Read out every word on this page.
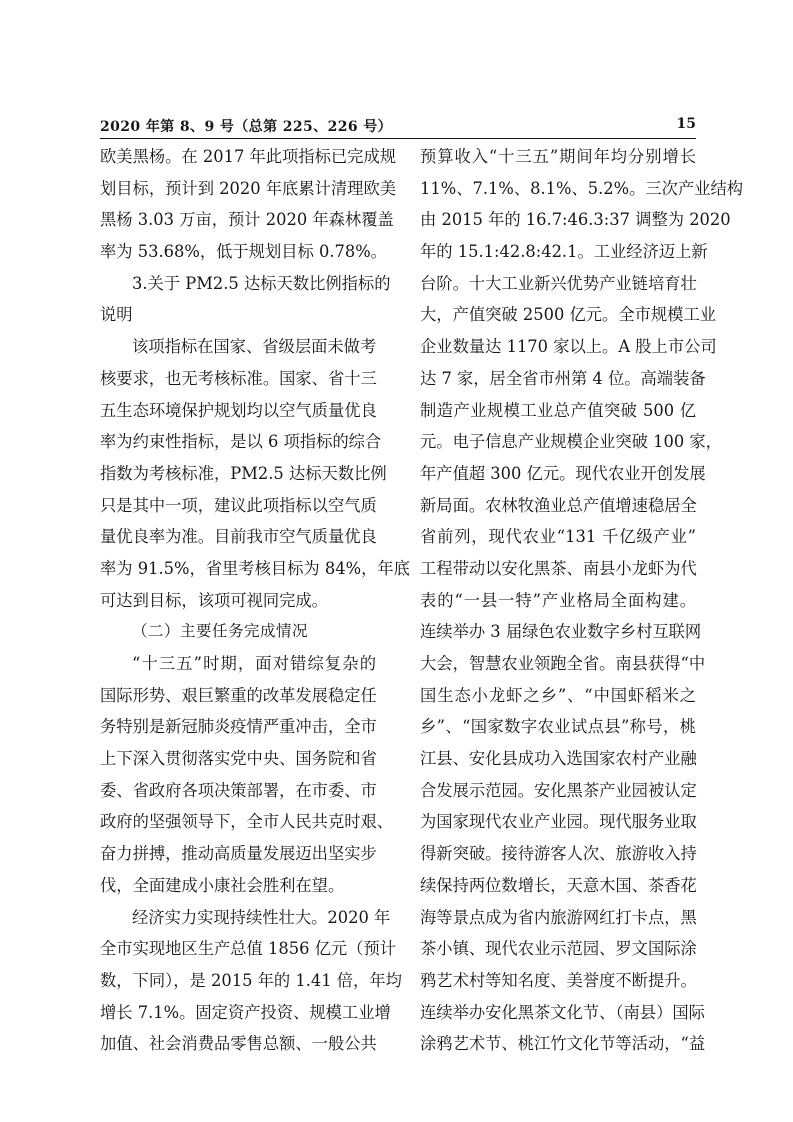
2020 年第 8、9 号（总第 225、226 号）	15
欧美黑杨。在 2017 年此项指标已完成规
划目标，预计到 2020 年底累计清理欧美
黑杨 3.03 万亩，预计 2020 年森林覆盖
率为 53.68%，低于规划目标 0.78%。
3.关于 PM2.5 达标天数比例指标的
说明
该项指标在国家、省级层面未做考
核要求，也无考核标准。国家、省十三
五生态环境保护规划均以空气质量优良
率为约束性指标，是以 6 项指标的综合
指数为考核标准，PM2.5 达标天数比例
只是其中一项，建议此项指标以空气质
量优良率为准。目前我市空气质量优良
率为 91.5%，省里考核目标为 84%，年底
可达到目标，该项可视同完成。
（二）主要任务完成情况
“十三五”时期，面对错综复杂的
国际形势、艰巨繁重的改革发展稳定任
务特别是新冠肺炎疫情严重冲击，全市
上下深入贯彻落实党中央、国务院和省
委、省政府各项决策部署，在市委、市
政府的坚强领导下，全市人民共克时艰、
奋力拼搏，推动高质量发展迈出坚实步
伐，全面建成小康社会胜利在望。
经济实力实现持续性壮大。2020 年
全市实现地区生产总值 1856 亿元（预计
数，下同），是 2015 年的 1.41 倍，年均
增长 7.1%。固定资产投资、规模工业增
加值、社会消费品零售总额、一般公共
预算收入“十三五”期间年均分别增长
11%、7.1%、8.1%、5.2%。三次产业结构
由 2015 年的 16.7:46.3:37 调整为 2020
年的 15.1:42.8:42.1。工业经济迈上新
台阶。十大工业新兴优势产业链培育壮
大，产值突破 2500 亿元。全市规模工业
企业数量达 1170 家以上。A 股上市公司
达 7 家，居全省市州第 4 位。高端装备
制造产业规模工业总产值突破 500 亿
元。电子信息产业规模企业突破 100 家，
年产值超 300 亿元。现代农业开创发展
新局面。农林牧渔业总产值增速稳居全
省前列，现代农业“131 千亿级产业”
工程带动以安化黑茶、南县小龙虾为代
表的“一县一特”产业格局全面构建。
连续举办 3 届绿色农业数字乡村互联网
大会，智慧农业领跑全省。南县获得“中
国生态小龙虾之乡”、“中国虾稻米之
乡”、“国家数字农业试点县”称号，桃
江县、安化县成功入选国家农村产业融
合发展示范园。安化黑茶产业园被认定
为国家现代农业产业园。现代服务业取
得新突破。接待游客人次、旅游收入持
续保持两位数增长，天意木国、茶香花
海等景点成为省内旅游网红打卡点，黑
茶小镇、现代农业示范园、罗文国际涂
鸦艺术村等知名度、美誉度不断提升。
连续举办安化黑茶文化节、（南县）国际
涂鸦艺术节、桃江竹文化节等活动，“益
